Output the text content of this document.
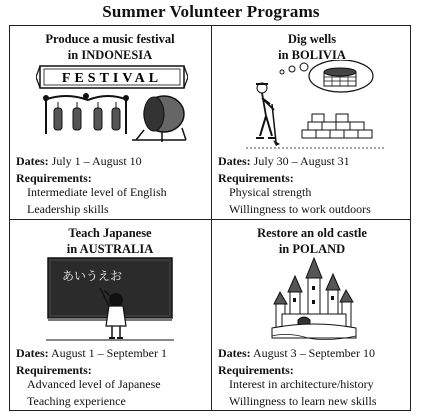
Summer Volunteer Programs
Produce a music festival
in INDONESIA
FESTIVAL
Dates: July 1 – August 10
Requirements:
Intermediate level of English
Leadership skills
Dig wells
in BOLIVIA
Dates: July 30 – August 31
Requirements:
Physical strength
Willingness to work outdoors
Teach Japanese
in AUSTRALIA
あいうえお
Dates: August 1 – September 1
Requirements:
Advanced level of Japanese
Teaching experience
Restore an old castle
in POLAND
Dates: August 3 – September 10
Requirements:
Interest in architecture/history
Willingness to learn new skills
